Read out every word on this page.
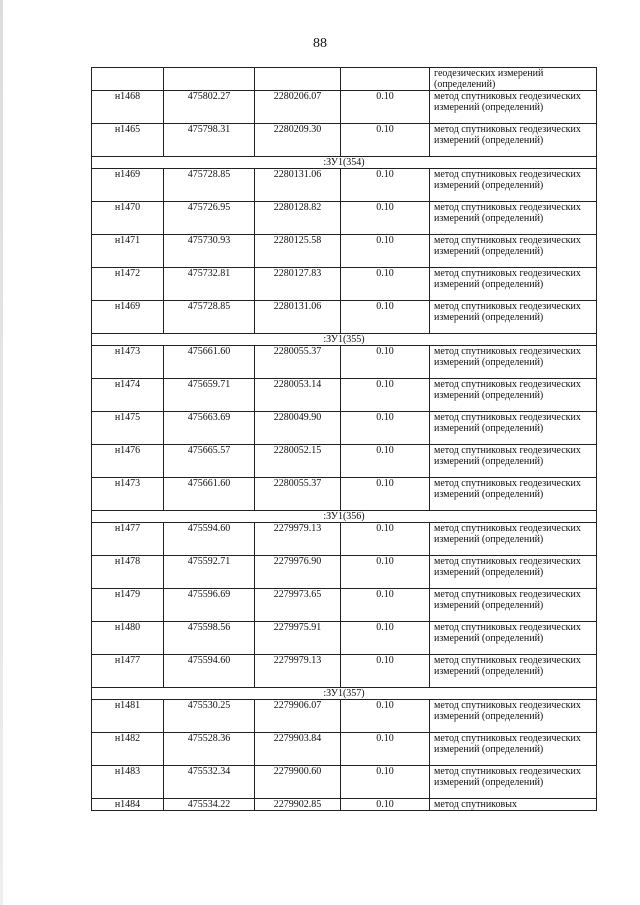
88
				геодезических измерений (определений)
н1468	475802.27	2280206.07	0.10	метод спутниковых геодезических измерений (определений)
н1465	475798.31	2280209.30	0.10	метод спутниковых геодезических измерений (определений)
:ЗУ1(354)				
н1469	475728.85	2280131.06	0.10	метод спутниковых геодезических измерений (определений)
н1470	475726.95	2280128.82	0.10	метод спутниковых геодезических измерений (определений)
н1471	475730.93	2280125.58	0.10	метод спутниковых геодезических измерений (определений)
н1472	475732.81	2280127.83	0.10	метод спутниковых геодезических измерений (определений)
н1469	475728.85	2280131.06	0.10	метод спутниковых геодезических измерений (определений)
:ЗУ1(355)				
н1473	475661.60	2280055.37	0.10	метод спутниковых геодезических измерений (определений)
н1474	475659.71	2280053.14	0.10	метод спутниковых геодезических измерений (определений)
н1475	475663.69	2280049.90	0.10	метод спутниковых геодезических измерений (определений)
н1476	475665.57	2280052.15	0.10	метод спутниковых геодезических измерений (определений)
н1473	475661.60	2280055.37	0.10	метод спутниковых геодезических измерений (определений)
:ЗУ1(356)				
н1477	475594.60	2279979.13	0.10	метод спутниковых геодезических измерений (определений)
н1478	475592.71	2279976.90	0.10	метод спутниковых геодезических измерений (определений)
н1479	475596.69	2279973.65	0.10	метод спутниковых геодезических измерений (определений)
н1480	475598.56	2279975.91	0.10	метод спутниковых геодезических измерений (определений)
н1477	475594.60	2279979.13	0.10	метод спутниковых геодезических измерений (определений)
:ЗУ1(357)				
н1481	475530.25	2279906.07	0.10	метод спутниковых геодезических измерений (определений)
н1482	475528.36	2279903.84	0.10	метод спутниковых геодезических измерений (определений)
н1483	475532.34	2279900.60	0.10	метод спутниковых геодезических измерений (определений)
н1484	475534.22	2279902.85	0.10	метод спутниковых
